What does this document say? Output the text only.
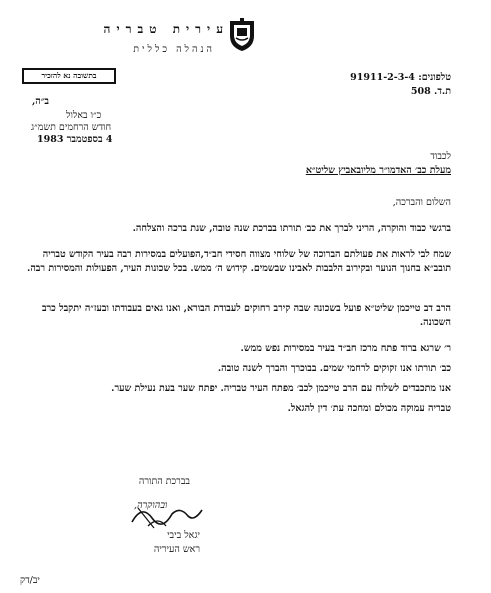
עירית טבריה
הנהלה כללית
טלפונים: 91911-2-3-4
ת.ד. 508
בתשובה נא להזכיר
ב״ה,
כ״ו באלול
חודש הרחמים תשמ״ג
4 בספטמבר 1983
לכבוד
מעלת כב׳ האדמו״ר מליובאביץ שליט״א
השלום והברכה,
ברגשי כבוד והוקרה, הריני לברך את כב׳ תורתו בברכת שנה טובה, שנת ברכה והצלחה.
שמח לבי לראות את פעולתם הברוכה של שלוחי מצווה חסידי חב״ד,הפועלים במסירות רבה בעיר הקודש טבריה תובב״א בחנוך הנוער ובקירוב הלבבות לאבינו שבשמים. קידוש ה׳ ממש. בכל שכונות העיר, הפעולות והמסירות רבה.
הרב דב טייכמן שליט״א פועל בשכונה שבה קירב רחוקים לעבודת הבורא, ואנו גאים בעבודתו ובעז״ה יתקבל כרב השכונה.
ר׳ שרגא ברוד פתח מרכז חב״ד בעיר במסירות נפש ממש.
כב׳ תורתו אנו זקוקים לרחמי שמים. בבוכרך והברך לשנה טובה.
אנו מתכבדים לשלוח עם הרב טייכמן לכב׳ מפתח העיר טבריה. יפתח שער בעת נעילת שער.
טבריה עמוקה מכולם ומחכה עת׳ דין להגאל.
בברכת התורה
ובהוקרה,
יגאל ביבי
ראש העיריה
יב/דק
